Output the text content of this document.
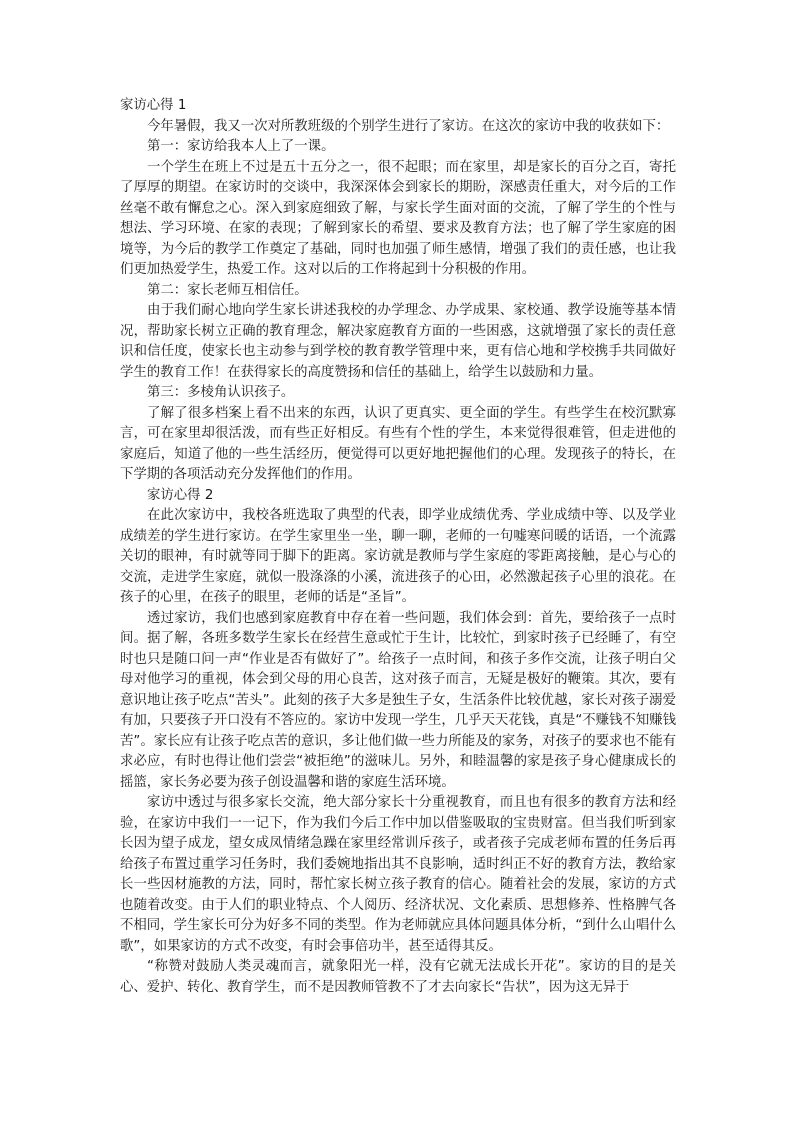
家访心得 1

今年暑假，我又一次对所教班级的个别学生进行了家访。在这次的家访中我的收获如下：

第一：家访给我本人上了一课。

一个学生在班上不过是五十五分之一，很不起眼；而在家里，却是家长的百分之百，寄托了厚厚的期望。在家访时的交谈中，我深深体会到家长的期盼，深感责任重大，对今后的工作丝毫不敢有懈怠之心。深入到家庭细致了解，与家长学生面对面的交流，了解了学生的个性与想法、学习环境、在家的表现；了解到家长的希望、要求及教育方法；也了解了学生家庭的困境等，为今后的教学工作奠定了基础，同时也加强了师生感情，增强了我们的责任感，也让我们更加热爱学生，热爱工作。这对以后的工作将起到十分积极的作用。

第二：家长老师互相信任。

由于我们耐心地向学生家长讲述我校的办学理念、办学成果、家校通、教学设施等基本情况，帮助家长树立正确的教育理念，解决家庭教育方面的一些困惑，这就增强了家长的责任意识和信任度，使家长也主动参与到学校的教育教学管理中来，更有信心地和学校携手共同做好学生的教育工作！在获得家长的高度赞扬和信任的基础上，给学生以鼓励和力量。

第三：多棱角认识孩子。

了解了很多档案上看不出来的东西，认识了更真实、更全面的学生。有些学生在校沉默寡言，可在家里却很活泼，而有些正好相反。有些有个性的学生，本来觉得很难管，但走进他的家庭后，知道了他的一些生活经历，便觉得可以更好地把握他们的心理。发现孩子的特长，在下学期的各项活动充分发挥他们的作用。

家访心得 2

在此次家访中，我校各班选取了典型的代表，即学业成绩优秀、学业成绩中等、以及学业成绩差的学生进行家访。在学生家里坐一坐，聊一聊，老师的一句嘘寒问暖的话语，一个流露关切的眼神，有时就等同于脚下的距离。家访就是教师与学生家庭的零距离接触，是心与心的交流，走进学生家庭，就似一股涤涤的小溪，流进孩子的心田，必然激起孩子心里的浪花。在孩子的心里，在孩子的眼里，老师的话是“圣旨”。

透过家访，我们也感到家庭教育中存在着一些问题，我们体会到：首先，要给孩子一点时间。据了解，各班多数学生家长在经营生意或忙于生计，比较忙，到家时孩子已经睡了，有空时也只是随口问一声“作业是否有做好了”。给孩子一点时间，和孩子多作交流，让孩子明白父母对他学习的重视，体会到父母的用心良苦，这对孩子而言，无疑是极好的鞭策。其次，要有意识地让孩子吃点“苦头”。此刻的孩子大多是独生子女，生活条件比较优越，家长对孩子溺爱有加，只要孩子开口没有不答应的。家访中发现一学生，几乎天天花钱，真是“不赚钱不知赚钱苦”。家长应有让孩子吃点苦的意识，多让他们做一些力所能及的家务，对孩子的要求也不能有求必应，有时也得让他们尝尝“被拒绝”的滋味儿。另外，和睦温馨的家是孩子身心健康成长的摇篮，家长务必要为孩子创设温馨和谐的家庭生活环境。

家访中透过与很多家长交流，绝大部分家长十分重视教育，而且也有很多的教育方法和经验，在家访中我们一一记下，作为我们今后工作中加以借鉴吸取的宝贵财富。但当我们听到家长因为望子成龙，望女成凤情绪急躁在家里经常训斥孩子，或者孩子完成老师布置的任务后再给孩子布置过重学习任务时，我们委婉地指出其不良影响，适时纠正不好的教育方法，教给家长一些因材施教的方法，同时，帮忙家长树立孩子教育的信心。随着社会的发展，家访的方式也随着改变。由于人们的职业特点、个人阅历、经济状况、文化素质、思想修养、性格脾气各不相同，学生家长可分为好多不同的类型。作为老师就应具体问题具体分析，“到什么山唱什么歌”，如果家访的方式不改变，有时会事倍功半，甚至适得其反。

“称赞对鼓励人类灵魂而言，就象阳光一样，没有它就无法成长开花”。家访的目的是关心、爱护、转化、教育学生，而不是因教师管教不了才去向家长“告状”，因为这无异于
